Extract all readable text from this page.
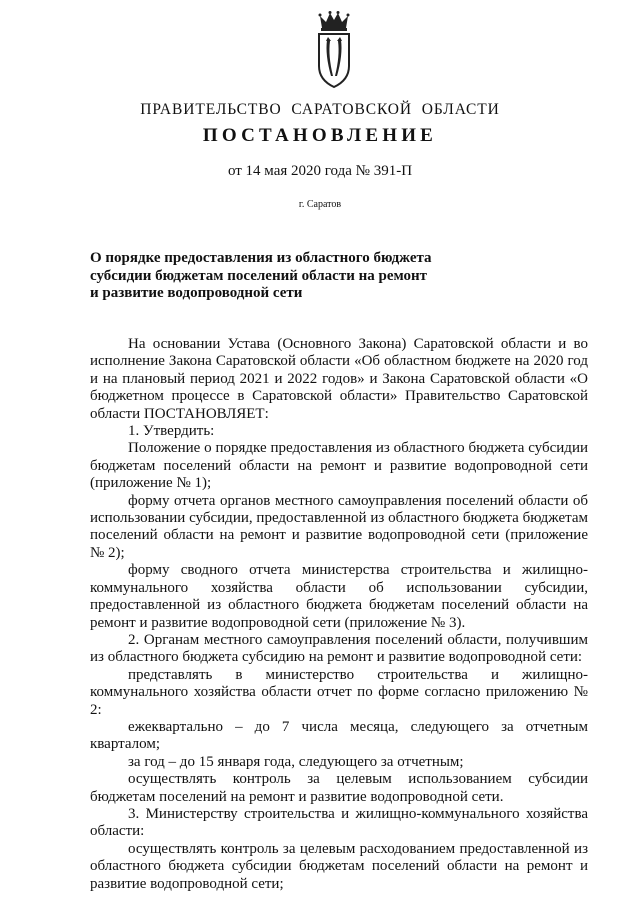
ПРАВИТЕЛЬСТВО САРАТОВСКОЙ ОБЛАСТИ
ПОСТАНОВЛЕНИЕ
от 14 мая 2020 года № 391-П
г. Саратов
О порядке предоставления из областного бюджета
субсидии бюджетам поселений области на ремонт
и развитие водопроводной сети

На основании Устава (Основного Закона) Саратовской области и во исполнение Закона Саратовской области «Об областном бюджете на 2020 год и на плановый период 2021 и 2022 годов» и Закона Саратовской области «О бюджетном процессе в Саратовской области» Правительство Саратовской области ПОСТАНОВЛЯЕТ:

1. Утвердить:

Положение о порядке предоставления из областного бюджета субсидии бюджетам поселений области на ремонт и развитие водопроводной сети (приложение № 1);

форму отчета органов местного самоуправления поселений области об использовании субсидии, предоставленной из областного бюджета бюджетам поселений области на ремонт и развитие водопроводной сети (приложение № 2);

форму сводного отчета министерства строительства и жилищно-коммунального хозяйства области об использовании субсидии, предоставленной из областного бюджета бюджетам поселений области на ремонт и развитие водопроводной сети (приложение № 3).

2. Органам местного самоуправления поселений области, получившим из областного бюджета субсидию на ремонт и развитие водопроводной сети:

представлять в министерство строительства и жилищно-коммунального хозяйства области отчет по форме согласно приложению № 2:

ежеквартально – до 7 числа месяца, следующего за отчетным кварталом;

за год – до 15 января года, следующего за отчетным;

осуществлять контроль за целевым использованием субсидии бюджетам поселений на ремонт и развитие водопроводной сети.

3. Министерству строительства и жилищно-коммунального хозяйства области:

осуществлять контроль за целевым расходованием предоставленной из областного бюджета субсидии бюджетам поселений области на ремонт и развитие водопроводной сети;
